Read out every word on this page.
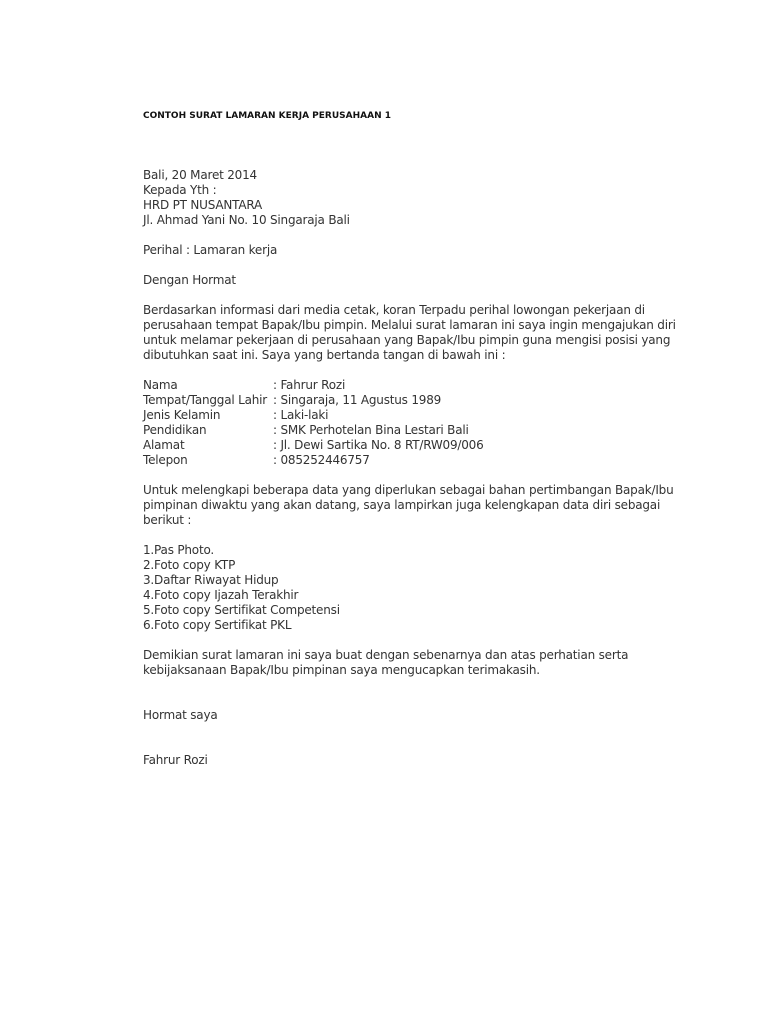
CONTOH SURAT LAMARAN KERJA PERUSAHAAN 1
Bali, 20 Maret 2014
Kepada Yth :
HRD PT NUSANTARA
Jl. Ahmad Yani No. 10 Singaraja Bali
Perihal : Lamaran kerja
Dengan Hormat
Berdasarkan informasi dari media cetak, koran Terpadu perihal lowongan pekerjaan di
perusahaan tempat Bapak/Ibu pimpin. Melalui surat lamaran ini saya ingin mengajukan diri
untuk melamar pekerjaan di perusahaan yang Bapak/Ibu pimpin guna mengisi posisi yang
dibutuhkan saat ini. Saya yang bertanda tangan di bawah ini :
Nama	: Fahrur Rozi
Tempat/Tanggal Lahir : Singaraja, 11 Agustus 1989
Jenis Kelamin	: Laki-laki
Pendidikan	: SMK Perhotelan Bina Lestari Bali
Alamat	: Jl. Dewi Sartika No. 8 RT/RW09/006
Telepon	: 085252446757
Untuk melengkapi beberapa data yang diperlukan sebagai bahan pertimbangan Bapak/Ibu
pimpinan diwaktu yang akan datang, saya lampirkan juga kelengkapan data diri sebagai
berikut :
1.Pas Photo.
2.Foto copy KTP
3.Daftar Riwayat Hidup
4.Foto copy Ijazah Terakhir
5.Foto copy Sertifikat Competensi
6.Foto copy Sertifikat PKL
Demikian surat lamaran ini saya buat dengan sebenarnya dan atas perhatian serta
kebijaksanaan Bapak/Ibu pimpinan saya mengucapkan terimakasih.
Hormat saya
Fahrur Rozi
